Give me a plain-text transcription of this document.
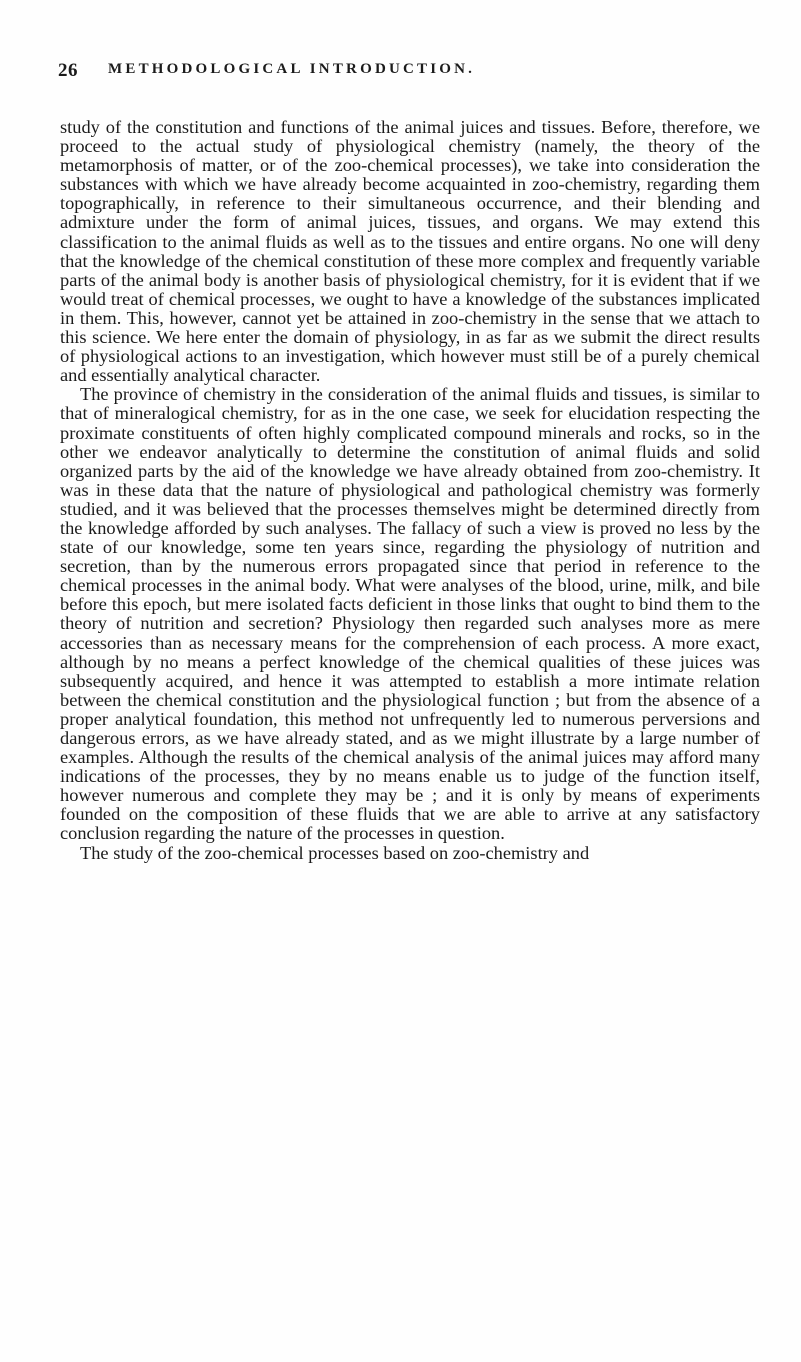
26 METHODOLOGICAL INTRODUCTION.

study of the constitution and functions of the animal juices and tissues. Before, therefore, we proceed to the actual study of physiological chemistry (namely, the theory of the metamorphosis of matter, or of the zoo-chemical processes), we take into consideration the substances with which we have already become acquainted in zoo-chemistry, regarding them topographically, in reference to their simultaneous occurrence, and their blending and admixture under the form of animal juices, tissues, and organs. We may extend this classification to the animal fluids as well as to the tissues and entire organs. No one will deny that the knowledge of the chemical constitution of these more complex and frequently variable parts of the animal body is another basis of physiological chemistry, for it is evident that if we would treat of chemical processes, we ought to have a knowledge of the substances implicated in them. This, however, cannot yet be attained in zoo-chemistry in the sense that we attach to this science. We here enter the domain of physiology, in as far as we submit the direct results of physiological actions to an investigation, which however must still be of a purely chemical and essentially analytical character.

The province of chemistry in the consideration of the animal fluids and tissues, is similar to that of mineralogical chemistry, for as in the one case, we seek for elucidation respecting the proximate constituents of often highly complicated compound minerals and rocks, so in the other we endeavor analytically to determine the constitution of animal fluids and solid organized parts by the aid of the knowledge we have already obtained from zoo-chemistry. It was in these data that the nature of physiological and pathological chemistry was formerly studied, and it was believed that the processes themselves might be determined directly from the knowledge afforded by such analyses. The fallacy of such a view is proved no less by the state of our knowledge, some ten years since, regarding the physiology of nutrition and secretion, than by the numerous errors propagated since that period in reference to the chemical processes in the animal body. What were analyses of the blood, urine, milk, and bile before this epoch, but mere isolated facts deficient in those links that ought to bind them to the theory of nutrition and secretion? Physiology then regarded such analyses more as mere accessories than as necessary means for the comprehension of each process. A more exact, although by no means a perfect knowledge of the chemical qualities of these juices was subsequently acquired, and hence it was attempted to establish a more intimate relation between the chemical constitution and the physiological function ; but from the absence of a proper analytical foundation, this method not unfrequently led to numerous perversions and dangerous errors, as we have already stated, and as we might illustrate by a large number of examples. Although the results of the chemical analysis of the animal juices may afford many indications of the processes, they by no means enable us to judge of the function itself, however numerous and complete they may be ; and it is only by means of experiments founded on the composition of these fluids that we are able to arrive at any satisfactory conclusion regarding the nature of the processes in question.

The study of the zoo-chemical processes based on zoo-chemistry and
